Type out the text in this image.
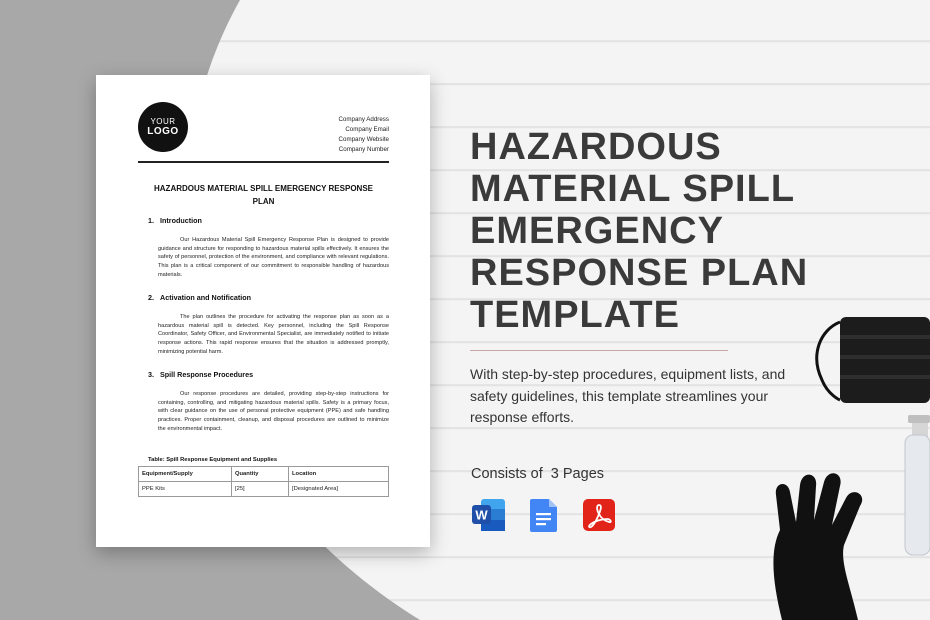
YOUR
LOGO
Company Address
Company Email
Company Website
Company Number
HAZARDOUS MATERIAL SPILL EMERGENCY RESPONSE
PLAN
1. Introduction
Our Hazardous Material Spill Emergency Response Plan is designed to provide guidance and structure for responding to hazardous material spills effectively. It ensures the safety of personnel, protection of the environment, and compliance with relevant regulations. This plan is a critical component of our commitment to responsible handling of hazardous materials.
2. Activation and Notification
The plan outlines the procedure for activating the response plan as soon as a hazardous material spill is detected. Key personnel, including the Spill Response Coordinator, Safety Officer, and Environmental Specialist, are immediately notified to initiate response actions. This rapid response ensures that the situation is addressed promptly, minimizing potential harm.
3. Spill Response Procedures
Our response procedures are detailed, providing step-by-step instructions for containing, controlling, and mitigating hazardous material spills. Safety is a primary focus, with clear guidance on the use of personal protective equipment (PPE) and safe handling practices. Proper containment, cleanup, and disposal procedures are outlined to minimize the environmental impact.
Table: Spill Response Equipment and Supplies
Equipment/Supply	Quantity	Location
PPE Kits	[25]	[Designated Area]
HAZARDOUS
MATERIAL SPILL
EMERGENCY
RESPONSE PLAN
TEMPLATE
With step-by-step procedures, equipment lists, and
safety guidelines, this template streamlines your
response efforts.
Consists of 3 Pages
W
